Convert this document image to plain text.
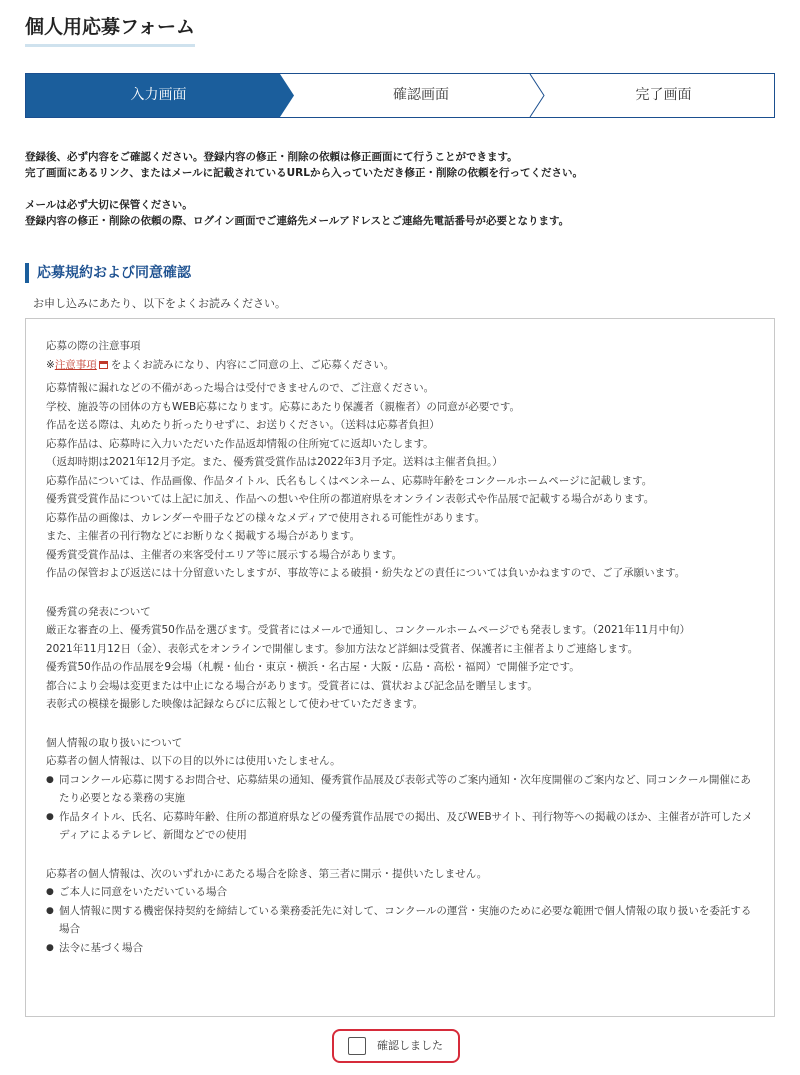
個人用応募フォーム
入力画面	確認画面	完了画面

登録後、必ず内容をご確認ください。登録内容の修正・削除の依頼は修正画面にて行うことができます。

完了画面にあるリンク、またはメールに記載されているURLから入っていただき修正・削除の依頼を行ってください。

メールは必ず大切に保管ください。

登録内容の修正・削除の依頼の際、ログイン画面でご連絡先メールアドレスとご連絡先電話番号が必要となります。

応募規約および同意確認
お申し込みにあたり、以下をよくお読みください。

応募の際の注意事項

※注意事項 をよくお読みになり、内容にご同意の上、ご応募ください。

応募情報に漏れなどの不備があった場合は受付できませんので、ご注意ください。

学校、施設等の団体の方もWEB応募になります。応募にあたり保護者（親権者）の同意が必要です。

作品を送る際は、丸めたり折ったりせずに、お送りください。（送料は応募者負担）

応募作品は、応募時に入力いただいた作品返却情報の住所宛てに返却いたします。

（返却時期は2021年12月予定。また、優秀賞受賞作品は2022年3月予定。送料は主催者負担。）

応募作品については、作品画像、作品タイトル、氏名もしくはペンネーム、応募時年齢をコンクールホームページに記載します。

優秀賞受賞作品については上記に加え、作品への想いや住所の都道府県をオンライン表彰式や作品展で記載する場合があります。

応募作品の画像は、カレンダーや冊子などの様々なメディアで使用される可能性があります。

また、主催者の刊行物などにお断りなく掲載する場合があります。

優秀賞受賞作品は、主催者の来客受付エリア等に展示する場合があります。

作品の保管および返送には十分留意いたしますが、事故等による破損・紛失などの責任については負いかねますので、ご了承願います。

優秀賞の発表について

厳正な審査の上、優秀賞50作品を選びます。受賞者にはメールで通知し、コンクールホームページでも発表します。（2021年11月中旬）

2021年11月12日（金）、表彰式をオンラインで開催します。参加方法など詳細は受賞者、保護者に主催者よりご連絡します。

優秀賞50作品の作品展を9会場（札幌・仙台・東京・横浜・名古屋・大阪・広島・高松・福岡）で開催予定です。

都合により会場は変更または中止になる場合があります。受賞者には、賞状および記念品を贈呈します。

表彰式の模様を撮影した映像は記録ならびに広報として使わせていただきます。

個人情報の取り扱いについて

応募者の個人情報は、以下の目的以外には使用いたしません。

● 同コンクール応募に関するお問合せ、応募結果の通知、優秀賞作品展及び表彰式等のご案内通知・次年度開催のご案内など、同コンクール開催にあたり必要となる業務の実施

● 作品タイトル、氏名、応募時年齢、住所の都道府県などの優秀賞作品展での掲出、及びWEBサイト、刊行物等への掲載のほか、主催者が許可したメディアによるテレビ、新聞などでの使用

応募者の個人情報は、次のいずれかにあたる場合を除き、第三者に開示・提供いたしません。

● ご本人に同意をいただいている場合

● 個人情報に関する機密保持契約を締結している業務委託先に対して、コンクールの運営・実施のために必要な範囲で個人情報の取り扱いを委託する場合

● 法令に基づく場合

確認しました
